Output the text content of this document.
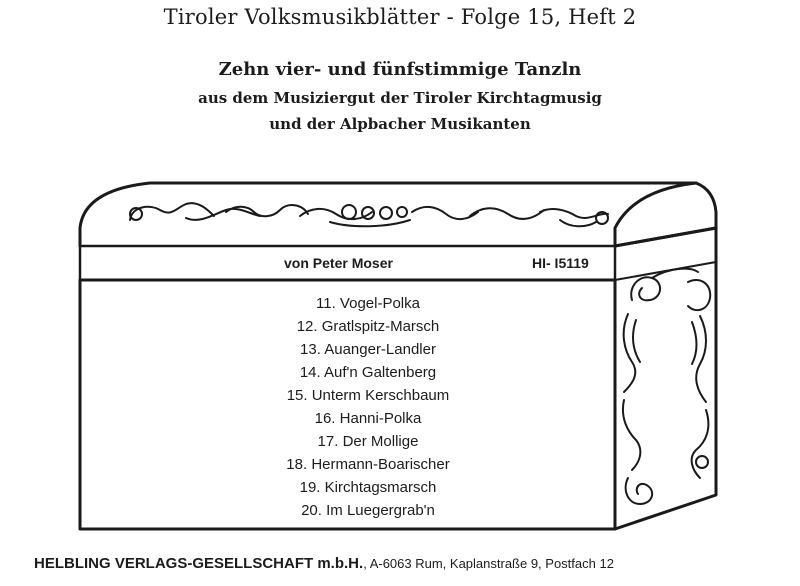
Tiroler Volksmusikblätter - Folge 15, Heft 2
Zehn vier- und fünfstimmige Tanzln
aus dem Musiziergut der Tiroler Kirchtagmusig
und der Alpbacher Musikanten
von Peter Moser	HI- I5119
11. Vogel-Polka
12. Gratlspitz-Marsch
13. Auanger-Landler
14. Auf'n Galtenberg
15. Unterm Kerschbaum
16. Hanni-Polka
17. Der Mollige
18. Hermann-Boarischer
19. Kirchtagsmarsch
20. Im Luegergrab'n
HELBLING VERLAGS-GESELLSCHAFT m.b.H., A-6063 Rum, Kaplanstraße 9, Postfach 12
